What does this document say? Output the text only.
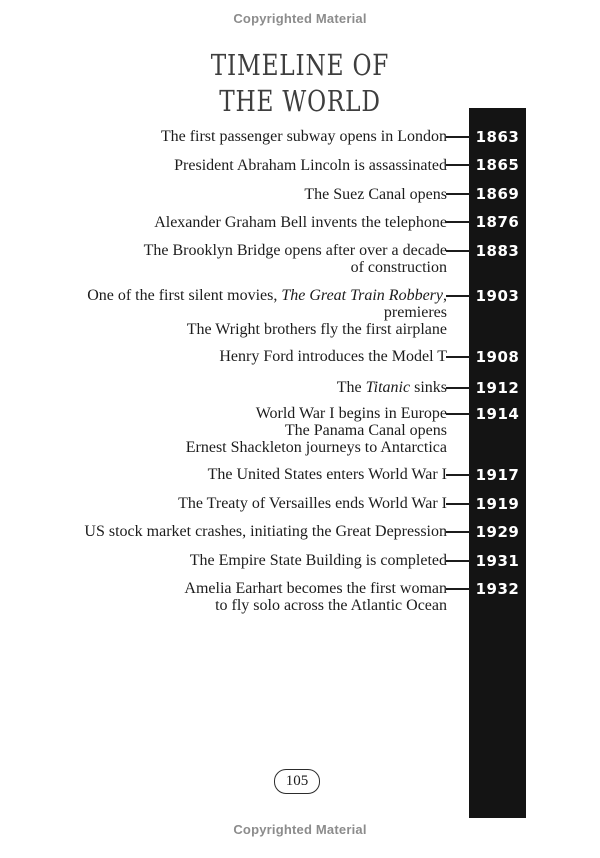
Copyrighted Material
TIMELINE OF
THE WORLD
1863
1865
1869
1876
1883
1903
1908
1912
1914
1917
1919
1929
1931
1932
The first passenger subway opens in London
President Abraham Lincoln is assassinated
The Suez Canal opens
Alexander Graham Bell invents the telephone
The Brooklyn Bridge opens after over a decade
of construction
One of the first silent movies, The Great Train Robbery,
premieres
The Wright brothers fly the first airplane
Henry Ford introduces the Model T
The Titanic sinks
World War I begins in Europe
The Panama Canal opens
Ernest Shackleton journeys to Antarctica
The United States enters World War I
The Treaty of Versailles ends World War I
US stock market crashes, initiating the Great Depression
The Empire State Building is completed
Amelia Earhart becomes the first woman
to fly solo across the Atlantic Ocean
105
Copyrighted Material
